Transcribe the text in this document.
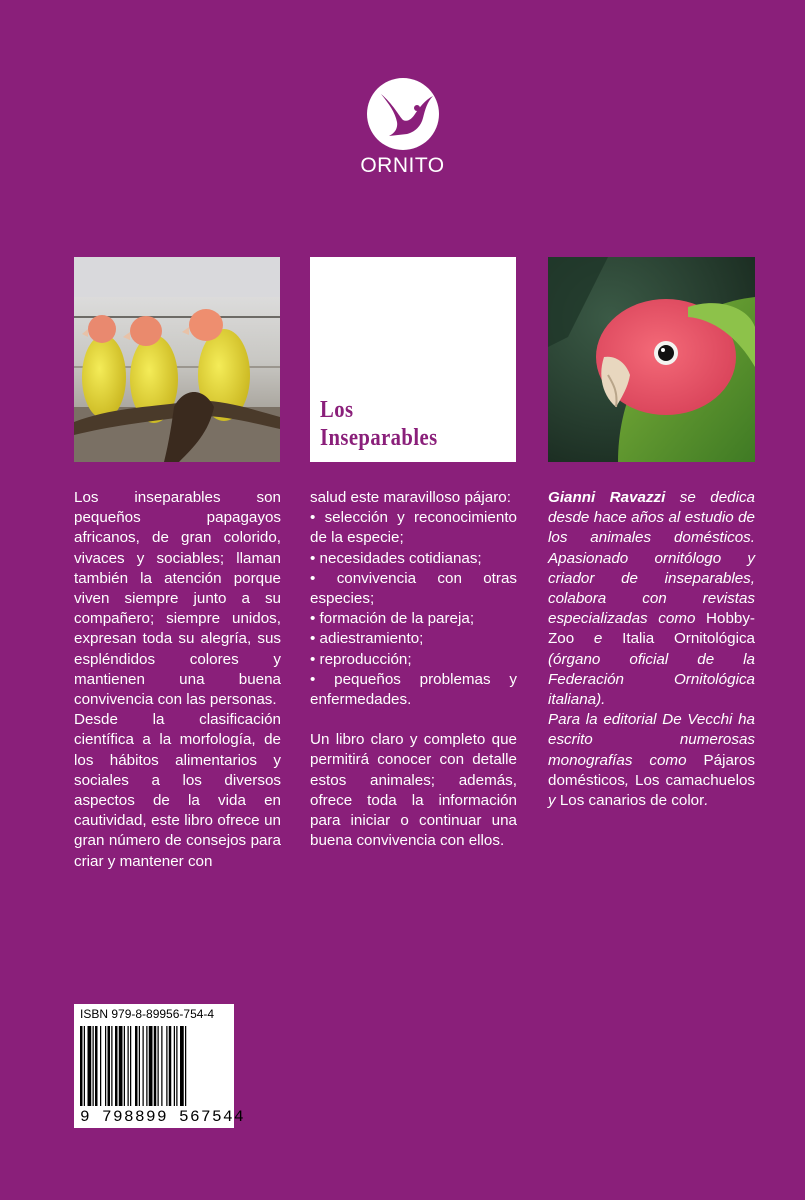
ORNITO
Los
Inseparables

Los inseparables son pequeños papagayos africanos, de gran colorido, vivaces y sociables; llaman también la atención porque viven siempre junto a su compañero; siempre unidos, expresan toda su alegría, sus espléndidos colores y mantienen una buena convivencia con las personas.

Desde la clasificación científica a la morfología, de los hábitos alimentarios y sociales a los diversos aspectos de la vida en cautividad, este libro ofrece un gran número de consejos para criar y mantener con

salud este maravilloso pájaro:

• selección y reconocimiento de la especie;
• necesidades cotidianas;
• convivencia con otras especies;
• formación de la pareja;
• adiestramiento;
• reproducción;
• pequeños problemas y enfermedades.

Un libro claro y completo que permitirá conocer con detalle estos animales; además, ofrece toda la información para iniciar o continuar una buena convivencia con ellos.

Gianni Ravazzi se dedica desde hace años al estudio de los animales domésticos. Apasionado ornitólogo y criador de inseparables, colabora con revistas especializadas como Hobby-Zoo e Italia Ornitológica (órgano oficial de la Federación Ornitológica italiana).

Para la editorial De Vecchi ha escrito numerosas monografías como Pájaros domésticos, Los camachuelos y Los canarios de color.

ISBN 979-8-89956-754-4
9 798899 567544
